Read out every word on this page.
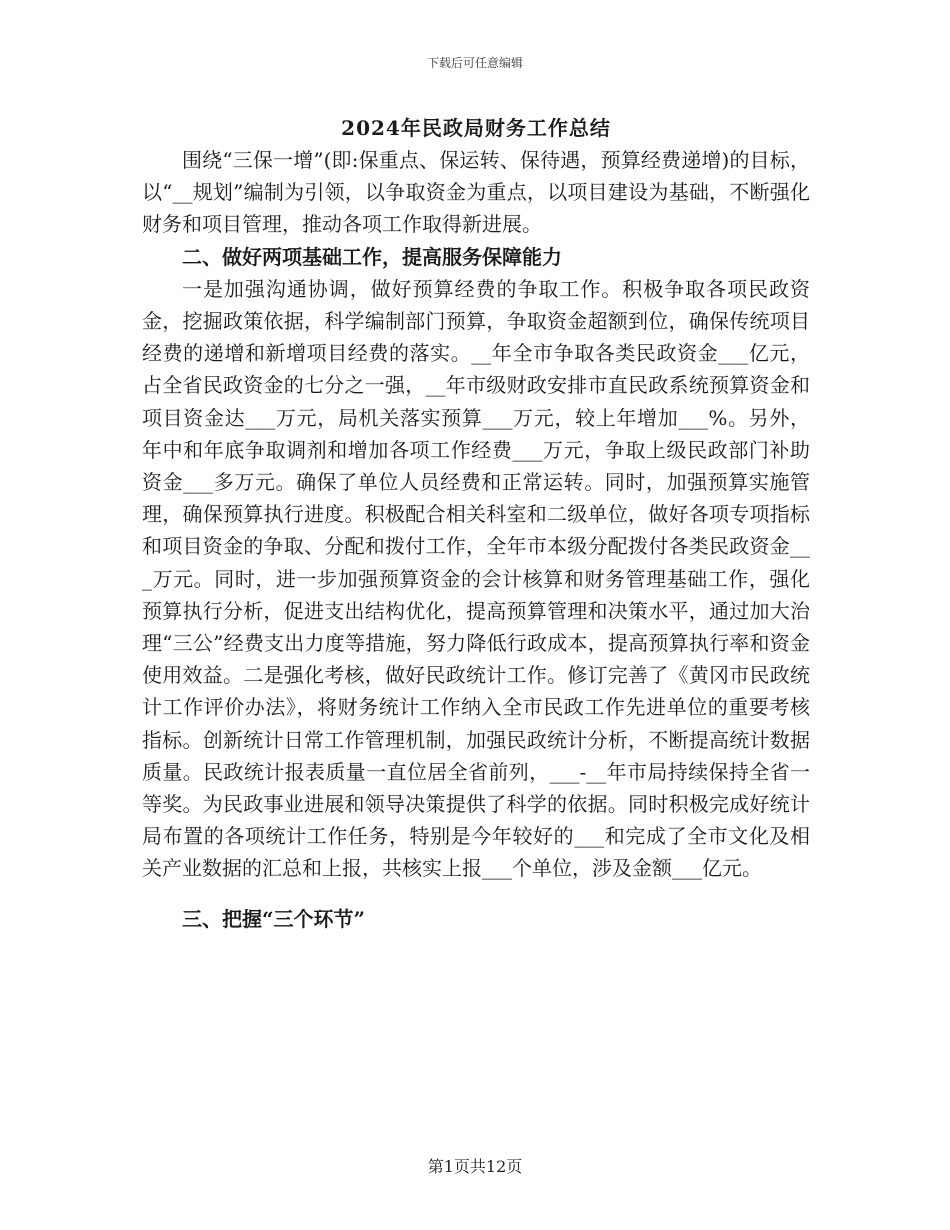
下载后可任意编辑
2024年民政局财务工作总结

围绕“三保一增”(即:保重点、保运转、保待遇，预算经费递增)的目标，以“__规划”编制为引领，以争取资金为重点，以项目建设为基础，不断强化财务和项目管理，推动各项工作取得新进展。

二、做好两项基础工作，提高服务保障能力

一是加强沟通协调，做好预算经费的争取工作。积极争取各项民政资金，挖掘政策依据，科学编制部门预算，争取资金超额到位，确保传统项目经费的递增和新增项目经费的落实。__年全市争取各类民政资金___亿元，占全省民政资金的七分之一强，__年市级财政安排市直民政系统预算资金和项目资金达___万元，局机关落实预算___万元，较上年增加___%。另外，年中和年底争取调剂和增加各项工作经费___万元，争取上级民政部门补助资金___多万元。确保了单位人员经费和正常运转。同时，加强预算实施管理，确保预算执行进度。积极配合相关科室和二级单位，做好各项专项指标和项目资金的争取、分配和拨付工作，全年市本级分配拨付各类民政资金___万元。同时，进一步加强预算资金的会计核算和财务管理基础工作，强化预算执行分析，促进支出结构优化，提高预算管理和决策水平，通过加大治理“三公”经费支出力度等措施，努力降低行政成本，提高预算执行率和资金使用效益。二是强化考核，做好民政统计工作。修订完善了《黄冈市民政统计工作评价办法》，将财务统计工作纳入全市民政工作先进单位的重要考核指标。创新统计日常工作管理机制，加强民政统计分析，不断提高统计数据质量。民政统计报表质量一直位居全省前列，___-__年市局持续保持全省一等奖。为民政事业进展和领导决策提供了科学的依据。同时积极完成好统计局布置的各项统计工作任务，特别是今年较好的___和完成了全市文化及相关产业数据的汇总和上报，共核实上报___个单位，涉及金额___亿元。

三、把握“三个环节”
第1页共12页
